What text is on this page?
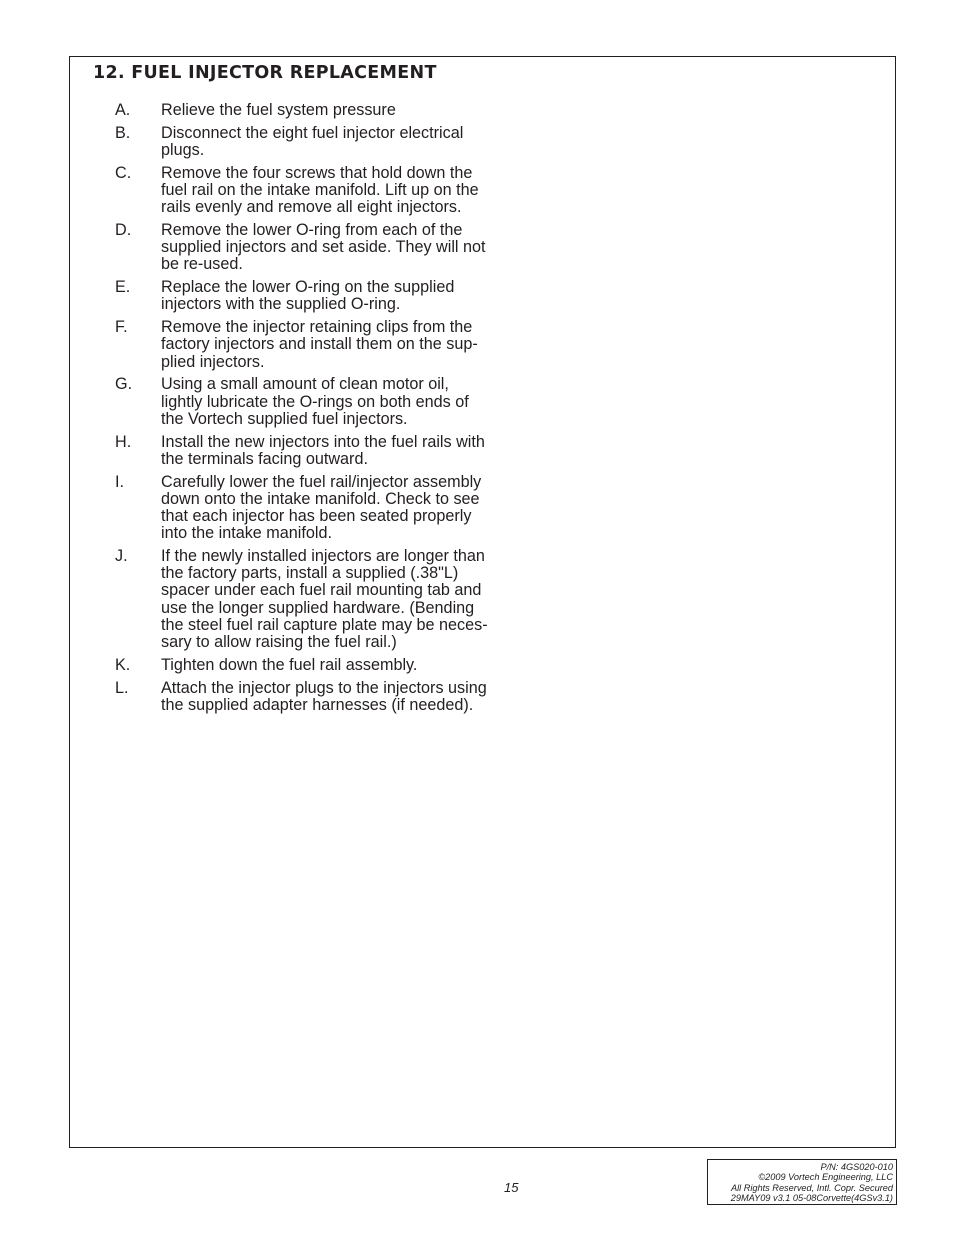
12. FUEL INJECTOR REPLACEMENT
A. Relieve the fuel system pressure
B. Disconnect the eight fuel injector electrical
plugs.
C. Remove the four screws that hold down the
fuel rail on the intake manifold. Lift up on the
rails evenly and remove all eight injectors.
D. Remove the lower O-ring from each of the
supplied injectors and set aside. They will not
be re-used.
E. Replace the lower O-ring on the supplied
injectors with the supplied O-ring.
F. Remove the injector retaining clips from the
factory injectors and install them on the sup-
plied injectors.
G. Using a small amount of clean motor oil,
lightly lubricate the O-rings on both ends of
the Vortech supplied fuel injectors.
H. Install the new injectors into the fuel rails with
the terminals facing outward.
I. Carefully lower the fuel rail/injector assembly
down onto the intake manifold. Check to see
that each injector has been seated properly
into the intake manifold.
J. If the newly installed injectors are longer than
the factory parts, install a supplied (.38"L)
spacer under each fuel rail mounting tab and
use the longer supplied hardware. (Bending
the steel fuel rail capture plate may be neces-
sary to allow raising the fuel rail.)
K. Tighten down the fuel rail assembly.
L. Attach the injector plugs to the injectors using
the supplied adapter harnesses (if needed).
15
P/N: 4GS020-010
©2009 Vortech Engineering, LLC
All Rights Reserved, Intl. Copr. Secured
29MAY09 v3.1 05-08Corvette(4GSv3.1)
